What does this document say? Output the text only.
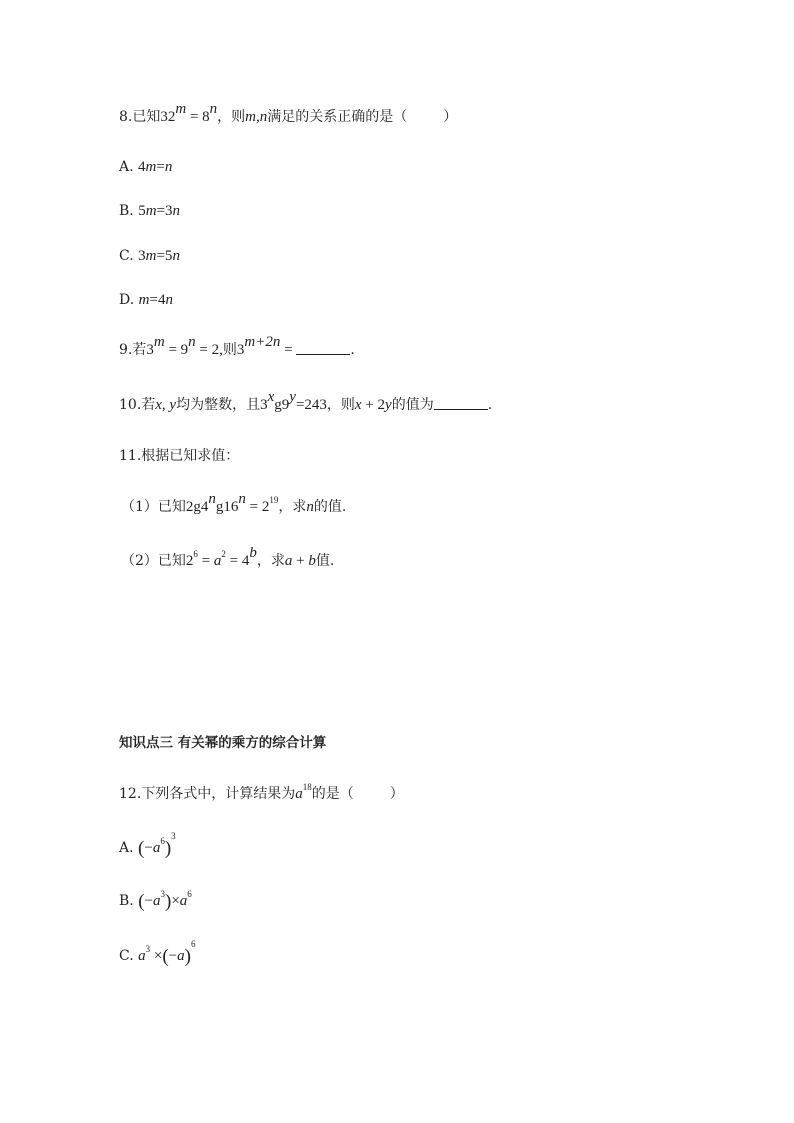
8.已知$32^m = 8^n$，则m,n满足的关系正确的是（	）
A. 4m=n
B. 5m=3n
C. 3m=5n
D. m=4n
9.若$3^m = 9^n = 2$,则$3^{m+2n}$ =	.
10.若x, y均为整数，且$3^xg9^y=243$，则x + 2y的值为	.
11.根据已知求值：
（1）已知$2g4^ng16^n = 2^{19}$，求n的值.
（2）已知$2^6 = a^2 = 4^b$，求a + b值.
知识点三 有关幂的乘方的综合计算
12.下列各式中，计算结果为$a^{18}$的是（	）
A. $(-a^6)^3$
B. $(-a^3)\times a^6$
C. $a^3 \times(-a)^6$
